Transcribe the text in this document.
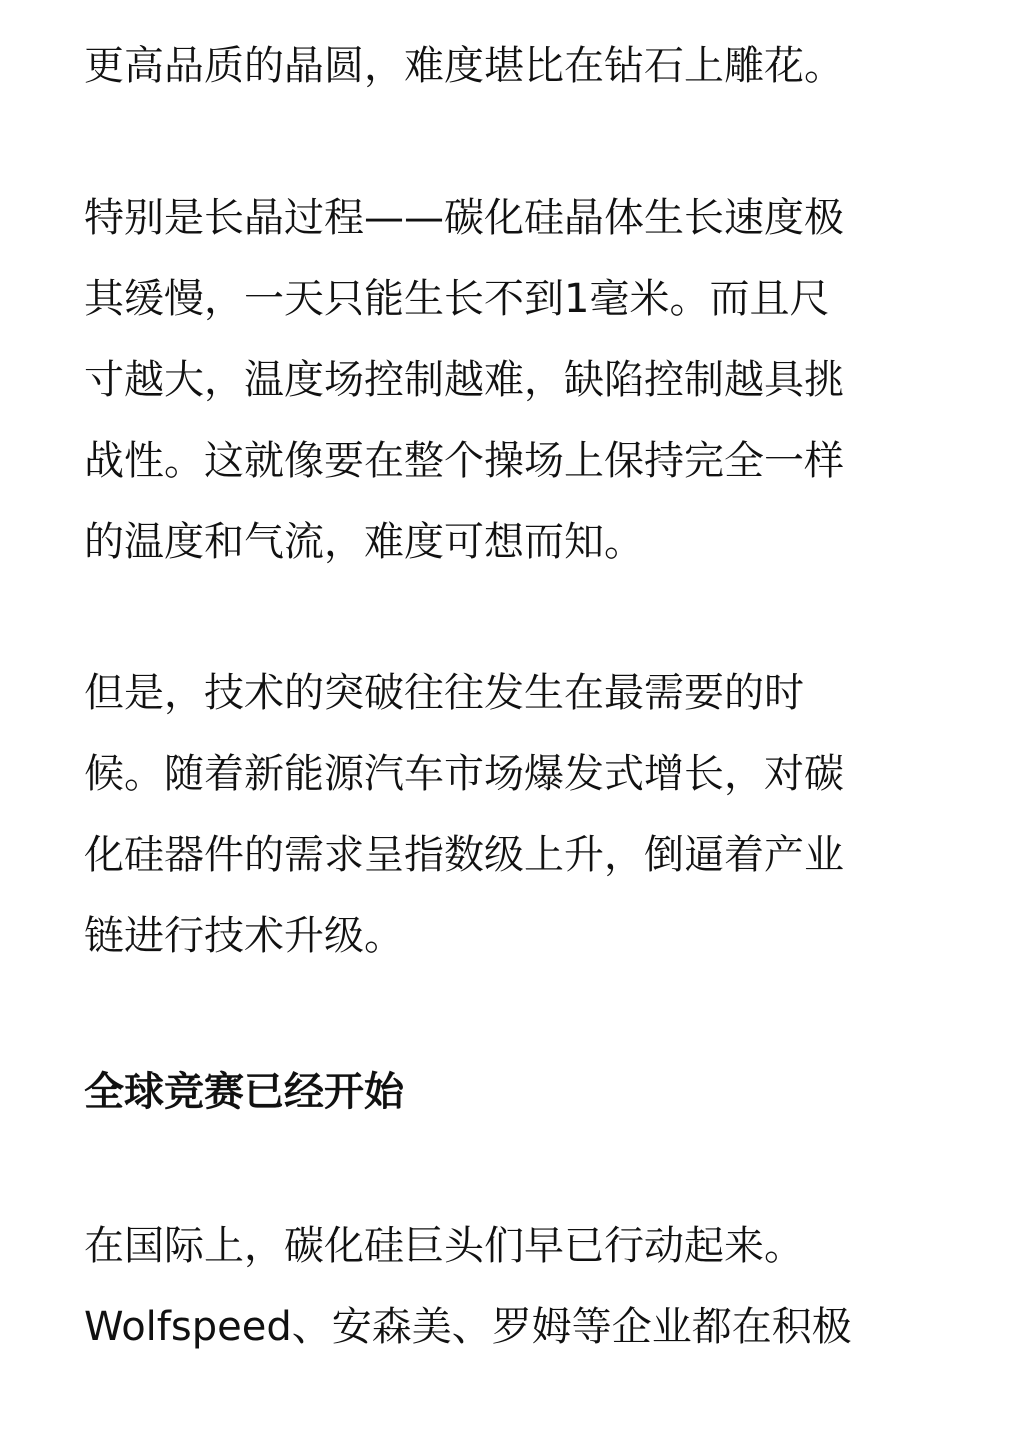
更高品质的晶圆，难度堪比在钻石上雕花。
特别是长晶过程——碳化硅晶体生长速度极
其缓慢，一天只能生长不到1毫米。而且尺
寸越大，温度场控制越难，缺陷控制越具挑
战性。这就像要在整个操场上保持完全一样
的温度和气流，难度可想而知。
但是，技术的突破往往发生在最需要的时
候。随着新能源汽车市场爆发式增长，对碳
化硅器件的需求呈指数级上升，倒逼着产业
链进行技术升级。
全球竞赛已经开始
在国际上，碳化硅巨头们早已行动起来。
Wolfspeed、安森美、罗姆等企业都在积极
